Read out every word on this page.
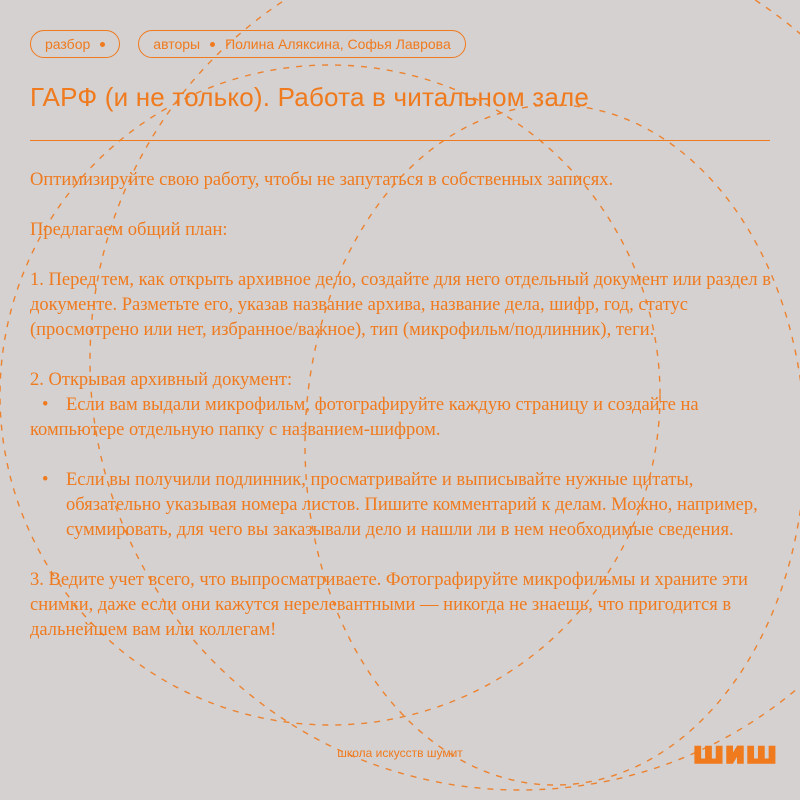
разбор	авторы Полина Аляксина, Софья Лаврова
ГАРФ (и не только). Работа в читальном зале

Оптимизируйте свою работу, чтобы не запутаться в собственных записях.

Предлагаем общий план:

1. Перед тем, как открыть архивное дело, создайте для него отдельный документ или раздел в документе. Разметьте его, указав название архива, название дела, шифр, год, статус (просмотрено или нет, избранное/важное), тип (микрофильм/подлинник), теги.

2. Открывая архивный документ:

• Если вам выдали микрофильм, фотографируйте каждую страницу и создайте на компьютере отдельную папку с названием-шифром.
• Если вы получили подлинник, просматривайте и выписывайте нужные цитаты, обязательно указывая номера листов. Пишите комментарий к делам. Можно, например, суммировать, для чего вы заказывали дело и нашли ли в нем необходимые сведения.

3. Ведите учет всего, что выпросматриваете. Фотографируйте микрофильмы и храните эти снимки, даже если они кажутся нерелевантными — никогда не знаешь, что пригодится в дальнейшем вам или коллегам!

школа искусств шумит	шиш
